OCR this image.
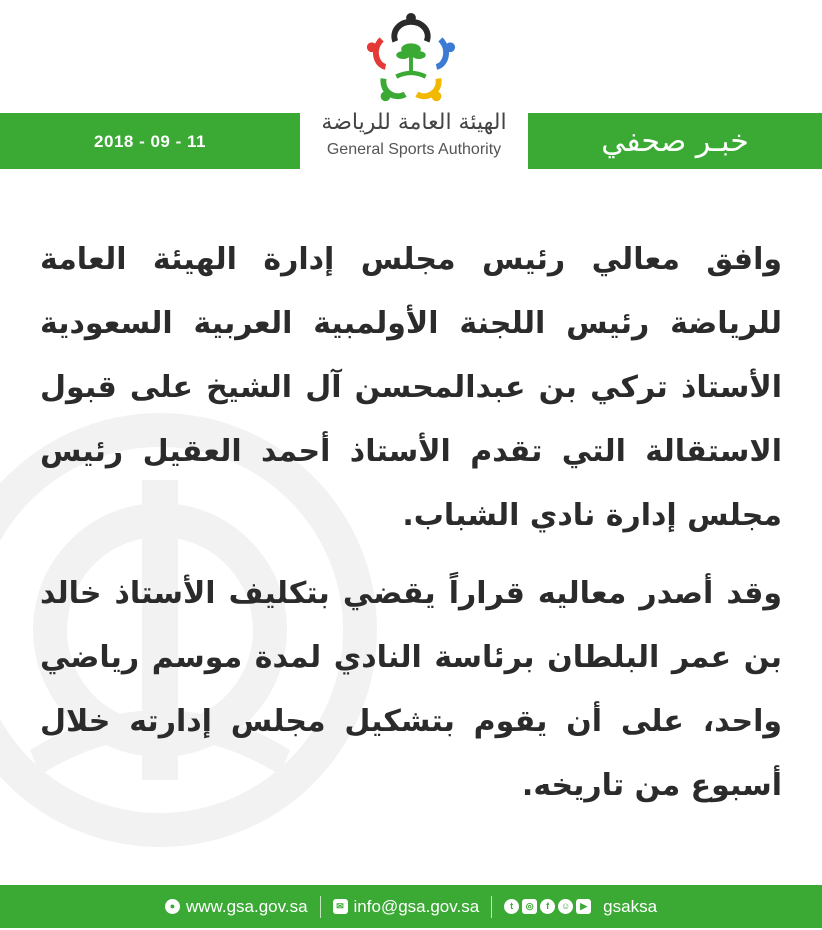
2018 - 09 - 11
الهيئة العامة للرياضة
General Sports Authority	خبـر صحفي

وافق معالي رئيس مجلس إدارة الهيئة العامة للرياضة رئيس اللجنة الأولمبية العربية السعودية الأستاذ تركي بن عبدالمحسن آل الشيخ على قبول الاستقالة التي تقدم الأستاذ أحمد العقيل رئيس مجلس إدارة نادي الشباب.

وقد أصدر معاليه قراراً يقضي بتكليف الأستاذ خالد بن عمر البلطان برئاسة النادي لمدة موسم رياضي واحد، على أن يقوم بتشكيل مجلس إدارته خلال أسبوع من تاريخه.

t	◎	f	☺	▶ gsaksa
✉ info@gsa.gov.sa
● www.gsa.gov.sa
